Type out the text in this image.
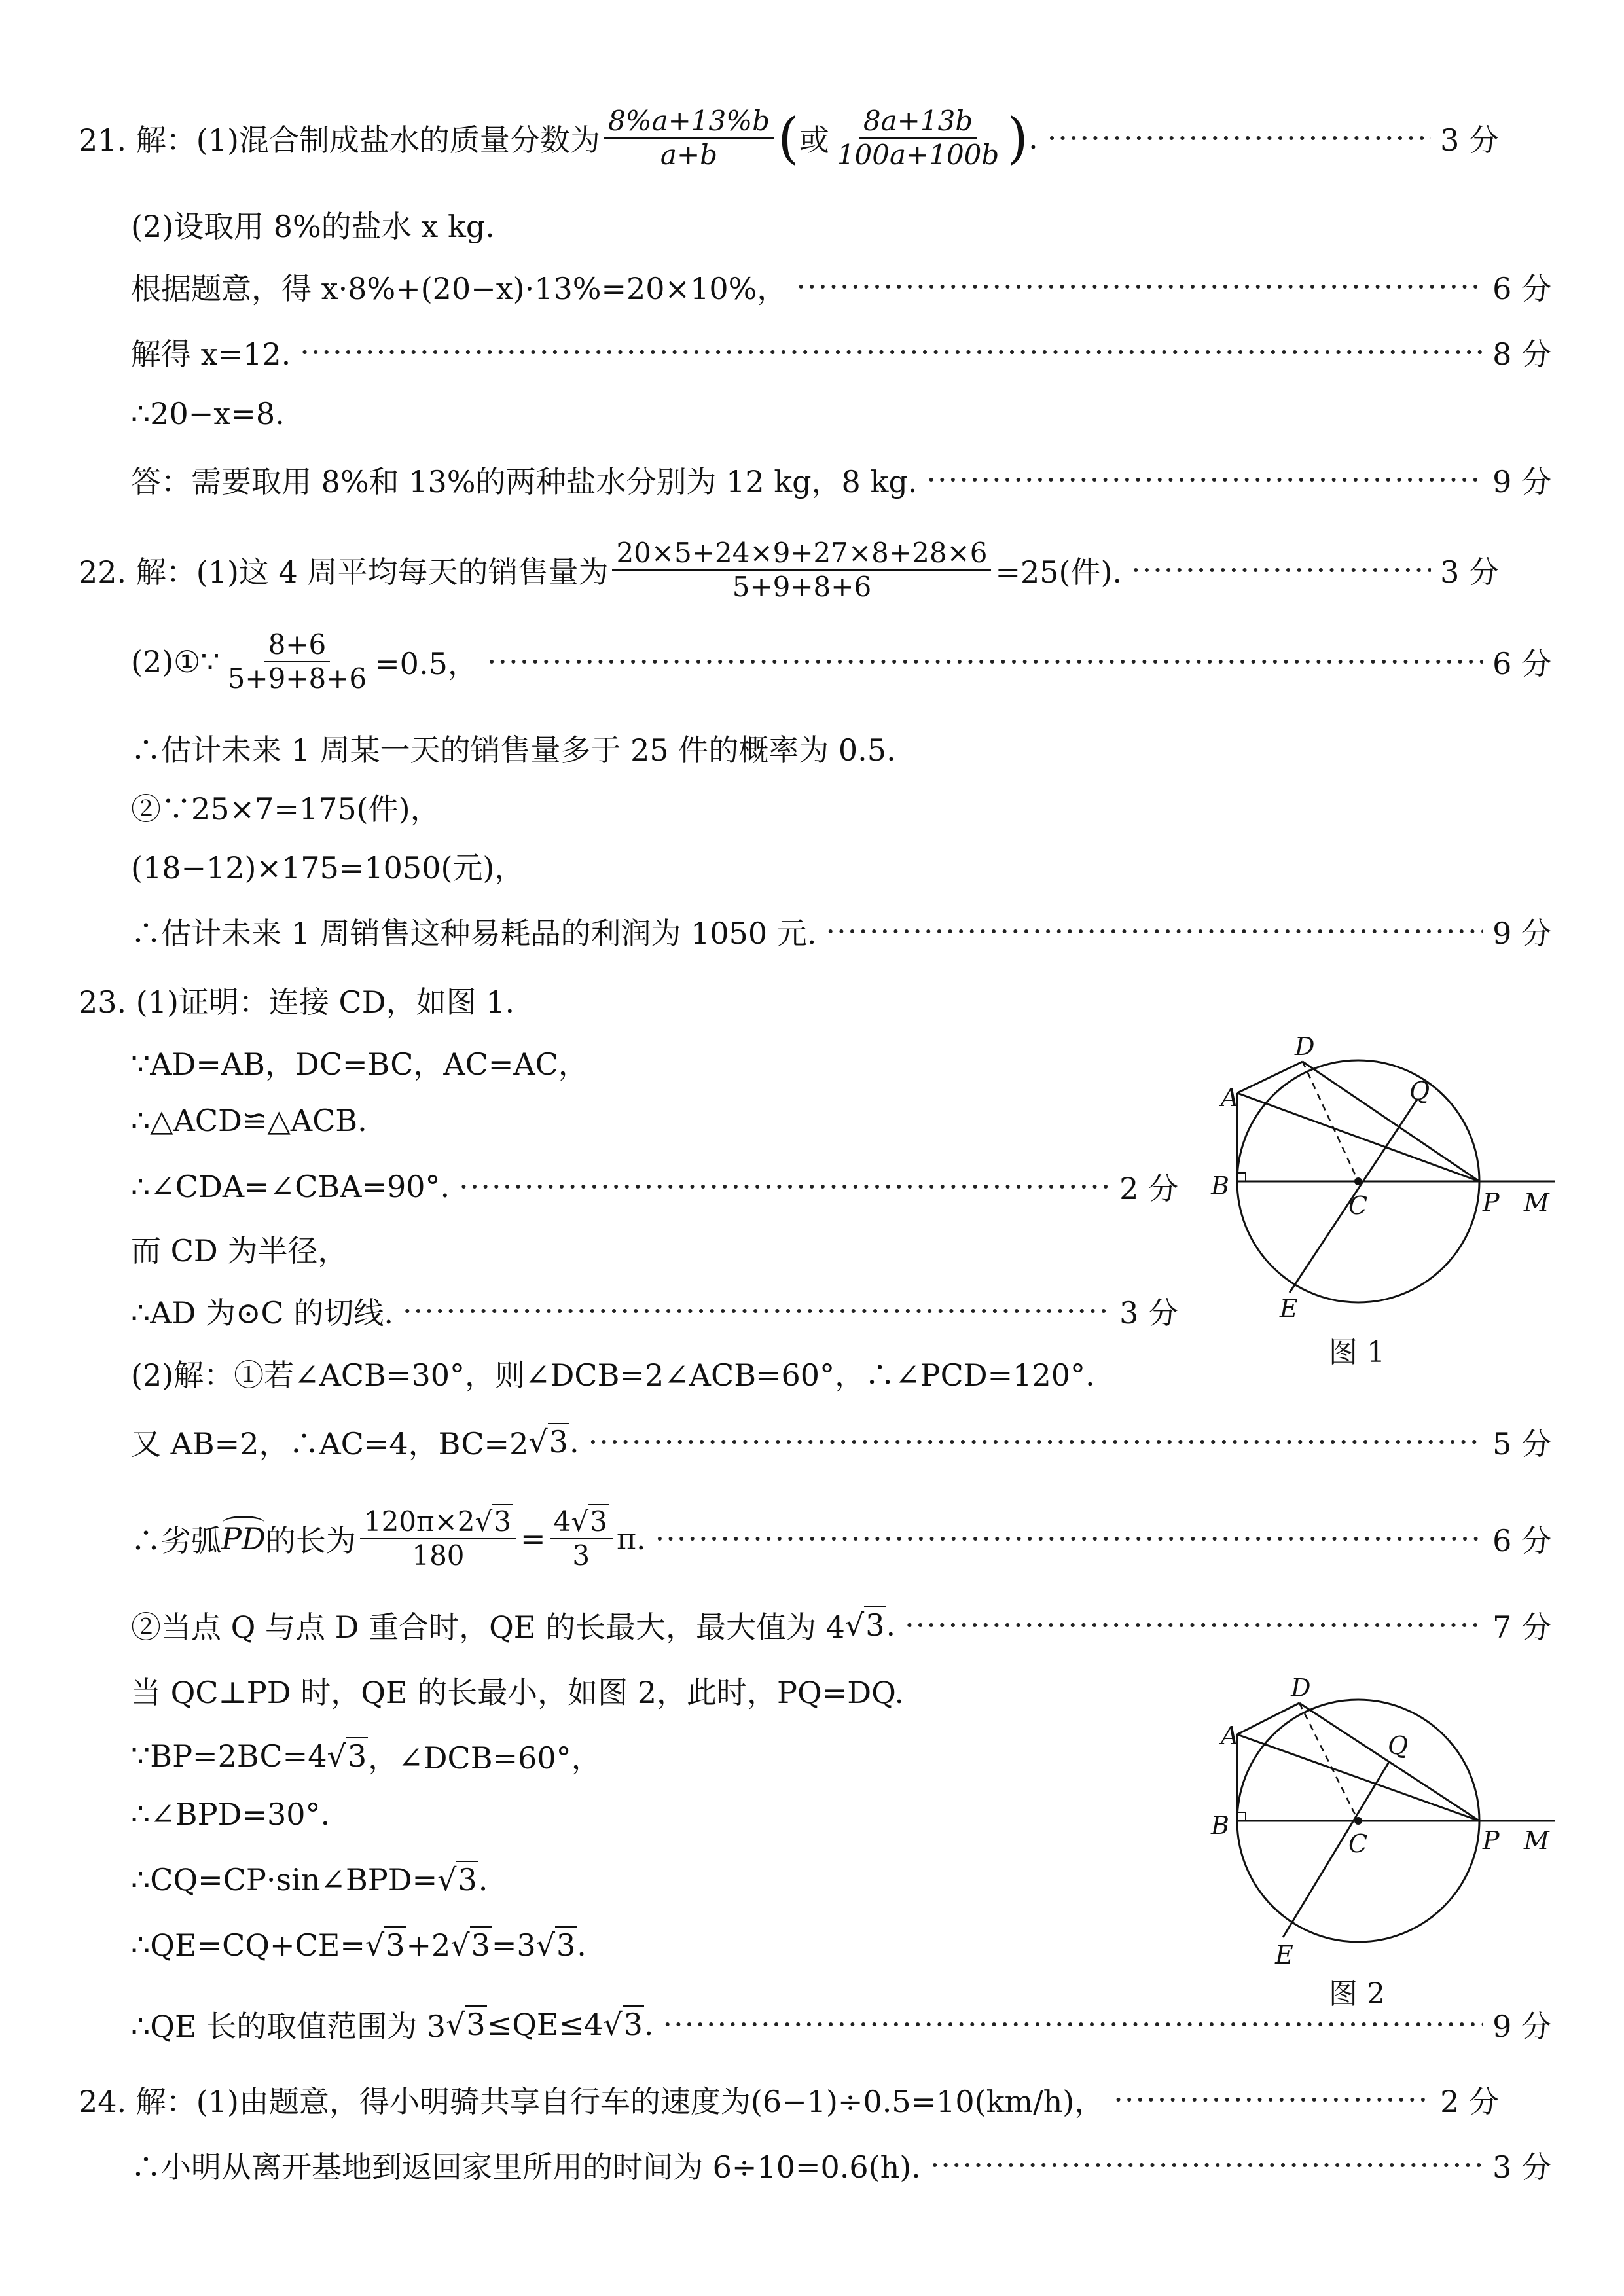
21. 解：(1)混合制成盐水的质量分数为 $\frac{8\%a+13\%b}{a+b}$ ( 或 $\frac{8a+13b}{100a+100b}$ ) . ·····	3 分
(2)设取用 8%的盐水 x kg.
根据题意，得 x·8%+(20−x)·13%=20×10%， ·····	6 分
解得 x=12. ·····	8 分
∴20−x=8.
答：需要取用 8%和 13%的两种盐水分别为 12 kg，8 kg. ·····	9 分
22. 解：(1)这 4 周平均每天的销售量为 $\frac{20\times 5+24\times 9+27\times 8+28\times 6}{5+9+8+6} =25$(件). ·····	3 分
(2)①∵ $\frac{8+6}{5+9+8+6} =0.5$， ·····	6 分
∴估计未来 1 周某一天的销售量多于 25 件的概率为 0.5.
②∵25×7=175(件)，
(18−12)×175=1050(元)，
∴估计未来 1 周销售这种易耗品的利润为 1050 元. ·····	9 分
23. (1)证明：连接 CD，如图 1.
∵AD=AB，DC=BC，AC=AC，
∴△ACD≌△ACB.
∴∠CDA=∠CBA=90°. ·····	2 分
而 CD 为半径，
∴AD 为⊙C 的切线. ·····	3 分
(2)解：①若∠ACB=30°，则∠DCB=2∠ACB=60°，∴∠PCD=120°.
又 AB=2，∴AC=4，BC=2 √3 . ·····	5 分
∴劣弧 PD 的长为 $\frac{120\pi\times 2√3}{180} = \frac{4√3}{3} \pi$. ·····	6 分
②当点 Q 与点 D 重合时，QE 的长最大，最大值为 4 √3 . ·····	7 分
当 QC⊥PD 时，QE 的长最小，如图 2，此时，PQ=DQ.
∵BP=2BC=4 √3 ，∠DCB=60°，
∴∠BPD=30°.
∴CQ=CP·sin∠BPD= √3 .
∴QE=CQ+CE= √3 +2 √3 =3 √3 .
∴QE 长的取值范围为 3 √3 ≤QE≤4 √3 . ·····	9 分
24. 解：(1)由题意，得小明骑共享自行车的速度为(6−1)÷0.5=10(km/h)， ·····	2 分
∴小明从离开基地到返回家里所用的时间为 6÷10=0.6(h). ·····	3 分
A
B
C
D
E
P M
Q
图 1
A
B
C
D
E
P M
Q
图 2
